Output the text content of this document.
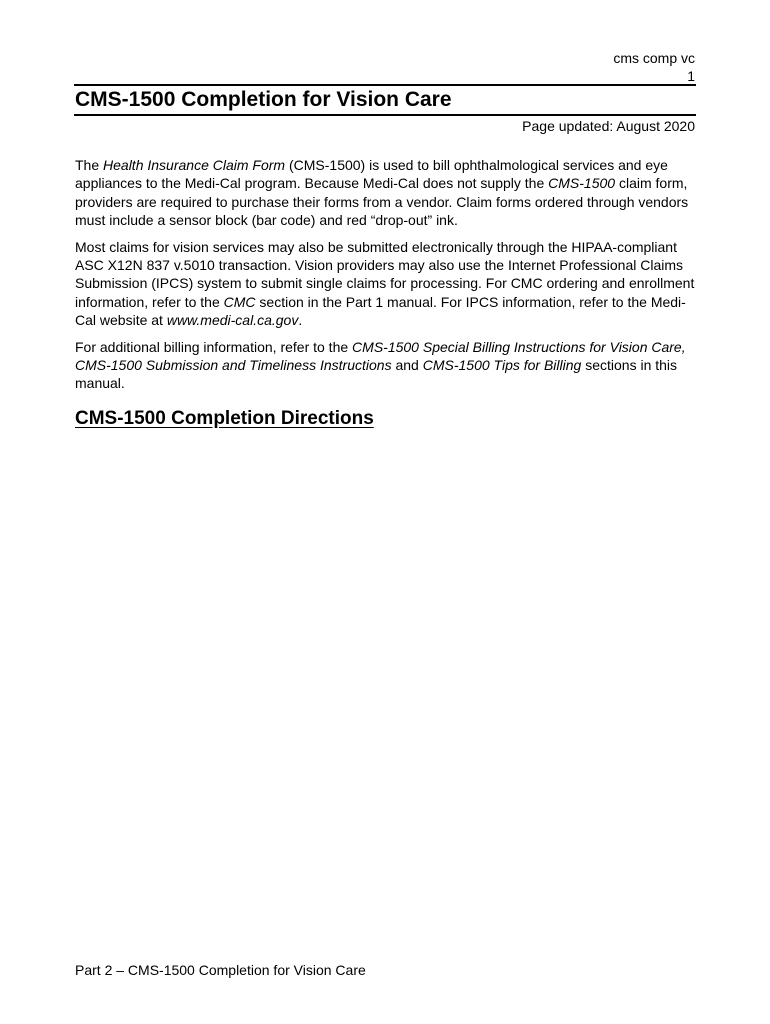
cms comp vc
1
CMS-1500 Completion for Vision Care
Page updated: August 2020

The Health Insurance Claim Form (CMS-1500) is used to bill ophthalmological services and eye appliances to the Medi-Cal program. Because Medi-Cal does not supply the CMS-1500 claim form, providers are required to purchase their forms from a vendor. Claim forms ordered through vendors must include a sensor block (bar code) and red “drop-out” ink.

Most claims for vision services may also be submitted electronically through the HIPAA-compliant ASC X12N 837 v.5010 transaction. Vision providers may also use the Internet Professional Claims Submission (IPCS) system to submit single claims for processing. For CMC ordering and enrollment information, refer to the CMC section in the Part 1 manual. For IPCS information, refer to the Medi-Cal website at www.medi-cal.ca.gov.

For additional billing information, refer to the CMS-1500 Special Billing Instructions for Vision Care, CMS-1500 Submission and Timeliness Instructions and CMS-1500 Tips for Billing sections in this manual.

CMS-1500 Completion Directions
Part 2 – CMS-1500 Completion for Vision Care
